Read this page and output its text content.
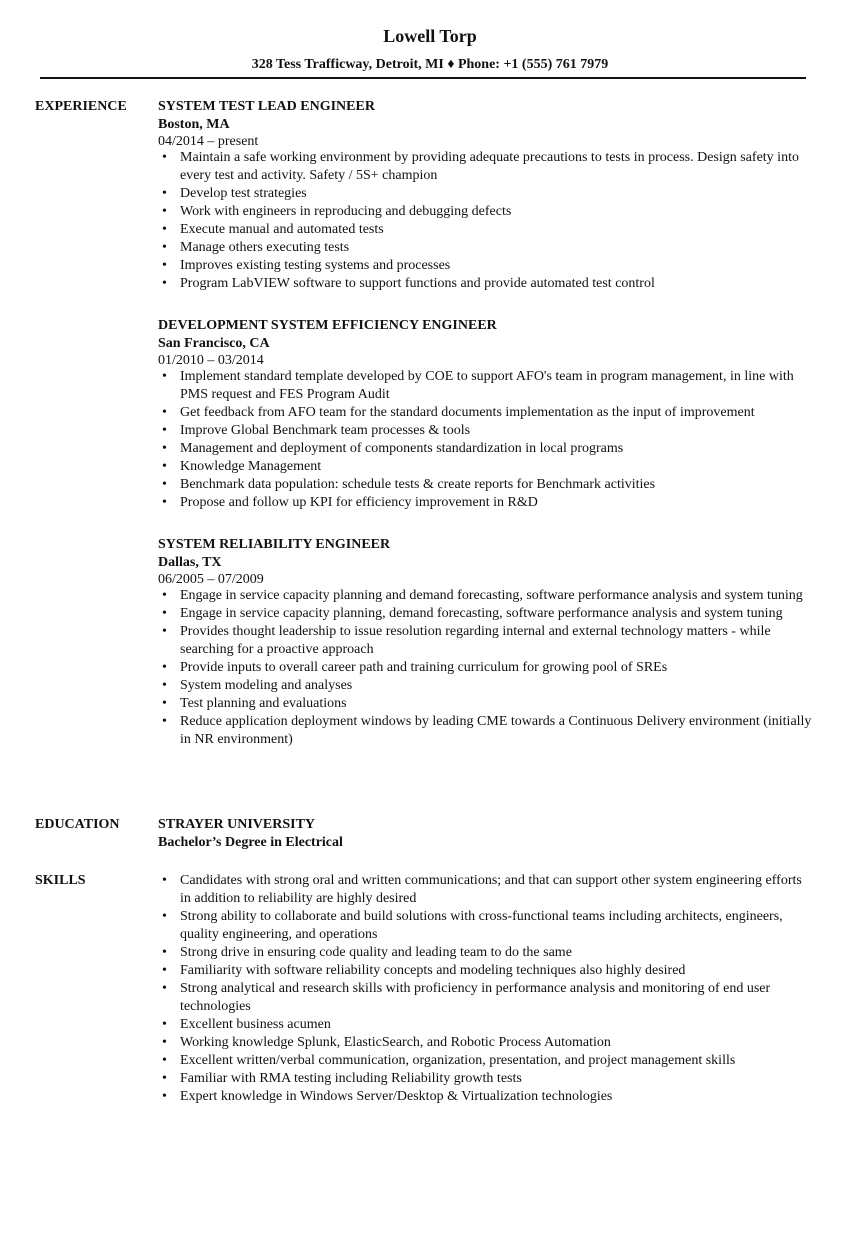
Lowell Torp
328 Tess Trafficway, Detroit, MI ♦ Phone: +1 (555) 761 7979
EXPERIENCE SYSTEM TEST LEAD ENGINEER
Boston, MA
04/2014 – present
• Maintain a safe working environment by providing adequate precautions to tests in process. Design safety into every test and activity. Safety / 5S+ champion
• Develop test strategies
• Work with engineers in reproducing and debugging defects
• Execute manual and automated tests
• Manage others executing tests
• Improves existing testing systems and processes
• Program LabVIEW software to support functions and provide automated test control
DEVELOPMENT SYSTEM EFFICIENCY ENGINEER
San Francisco, CA
01/2010 – 03/2014
• Implement standard template developed by COE to support AFO's team in program management, in line with PMS request and FES Program Audit
• Get feedback from AFO team for the standard documents implementation as the input of improvement
• Improve Global Benchmark team processes & tools
• Management and deployment of components standardization in local programs
• Knowledge Management
• Benchmark data population: schedule tests & create reports for Benchmark activities
• Propose and follow up KPI for efficiency improvement in R&D
SYSTEM RELIABILITY ENGINEER
Dallas, TX
06/2005 – 07/2009
• Engage in service capacity planning and demand forecasting, software performance analysis and system tuning
• Engage in service capacity planning, demand forecasting, software performance analysis and system tuning
• Provides thought leadership to issue resolution regarding internal and external technology matters - while searching for a proactive approach
• Provide inputs to overall career path and training curriculum for growing pool of SREs
• System modeling and analyses
• Test planning and evaluations
• Reduce application deployment windows by leading CME towards a Continuous Delivery environment (initially in NR environment)
EDUCATION	STRAYER UNIVERSITY
Bachelor’s Degree in Electrical
SKILLS
•	Candidates with strong oral and written communications; and that can support other system engineering efforts in addition to reliability are highly desired
• Strong ability to collaborate and build solutions with cross-functional teams including architects, engineers, quality engineering, and operations
• Strong drive in ensuring code quality and leading team to do the same
• Familiarity with software reliability concepts and modeling techniques also highly desired
• Strong analytical and research skills with proficiency in performance analysis and monitoring of end user technologies
• Excellent business acumen
• Working knowledge Splunk, ElasticSearch, and Robotic Process Automation
• Excellent written/verbal communication, organization, presentation, and project management skills
• Familiar with RMA testing including Reliability growth tests
• Expert knowledge in Windows Server/Desktop & Virtualization technologies
